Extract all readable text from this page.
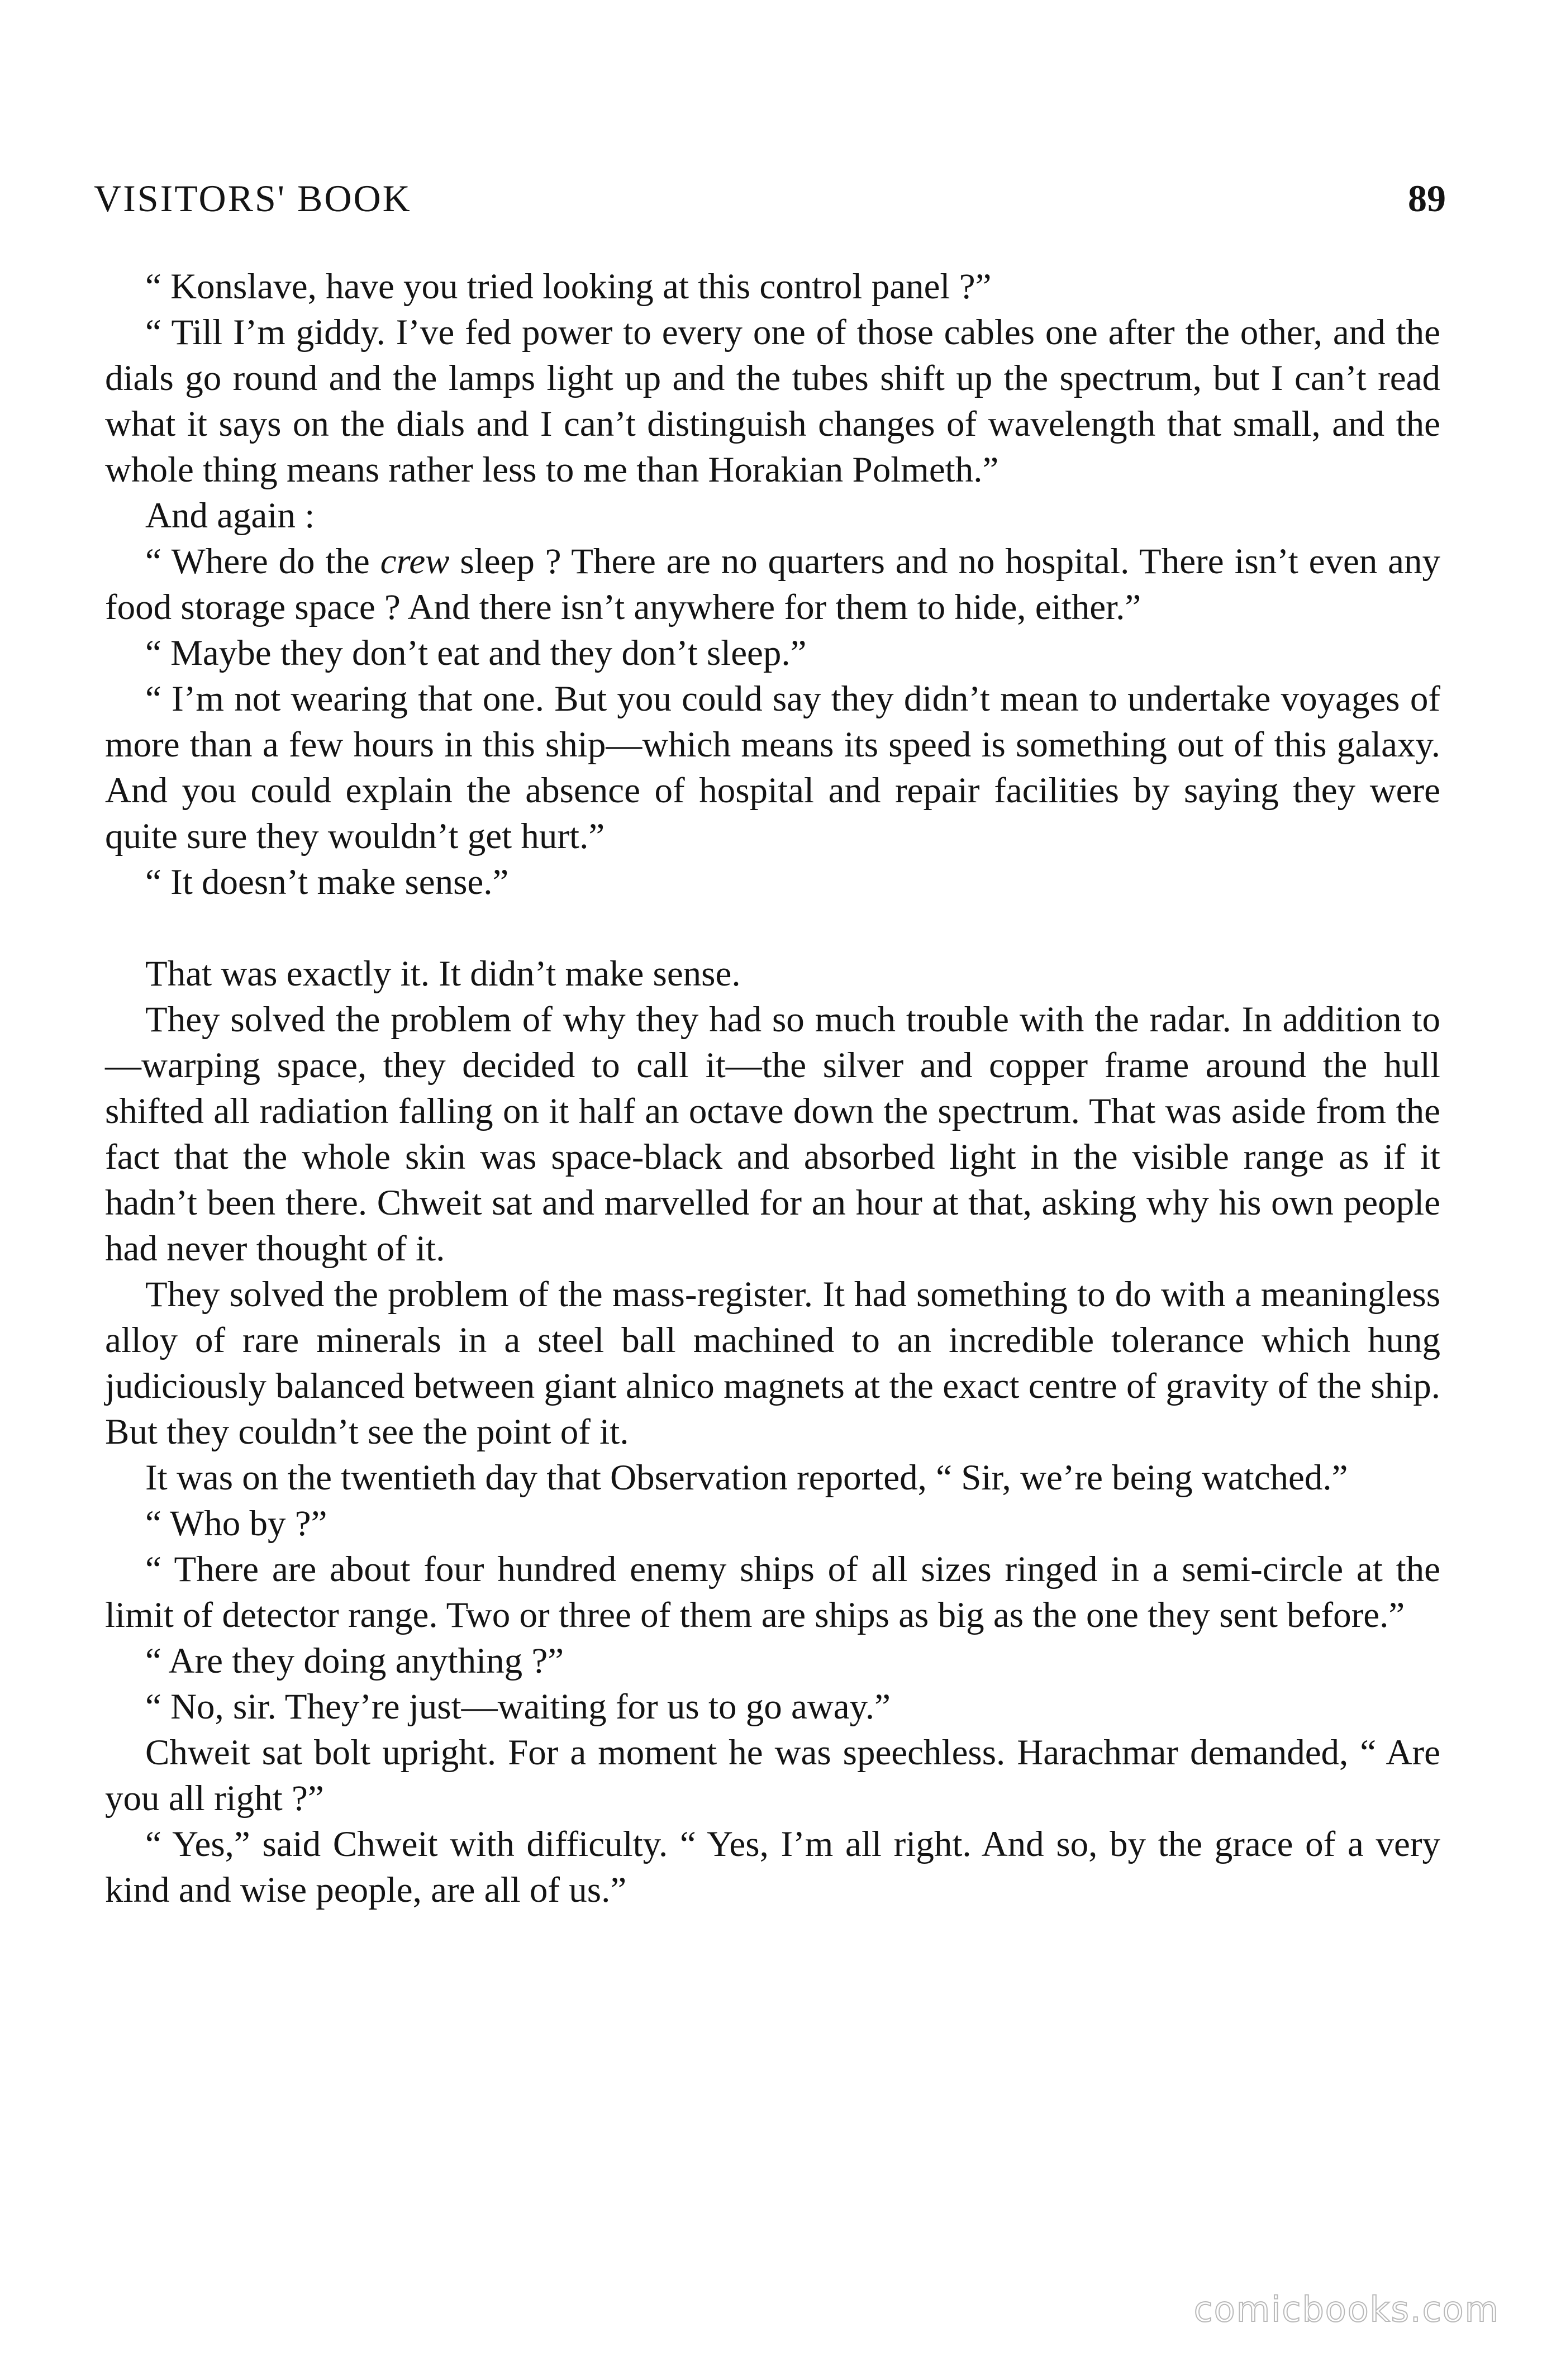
VISITORS' BOOK	89

“ Konslave, have you tried looking at this control panel ?”

“ Till I’m giddy. I’ve fed power to every one of those cables one after the other, and the dials go round and the lamps light up and the tubes shift up the spectrum, but I can’t read what it says on the dials and I can’t distinguish changes of wavelength that small, and the whole thing means rather less to me than Horakian Polmeth.”

And again :

“ Where do the crew sleep ? There are no quarters and no hospital. There isn’t even any food storage space ? And there isn’t anywhere for them to hide, either.”

“ Maybe they don’t eat and they don’t sleep.”

“ I’m not wearing that one. But you could say they didn’t mean to undertake voyages of more than a few hours in this ship—which means its speed is something out of this galaxy. And you could explain the absence of hospital and repair facilities by saying they were quite sure they wouldn’t get hurt.”

“ It doesn’t make sense.”

That was exactly it. It didn’t make sense.

They solved the problem of why they had so much trouble with the radar. In addition to—warping space, they decided to call it—the silver and copper frame around the hull shifted all radiation falling on it half an octave down the spectrum. That was aside from the fact that the whole skin was space-black and absorbed light in the visible range as if it hadn’t been there. Chweit sat and marvelled for an hour at that, asking why his own people had never thought of it.

They solved the problem of the mass-register. It had something to do with a meaningless alloy of rare minerals in a steel ball machined to an incredible tolerance which hung judiciously balanced between giant alnico magnets at the exact centre of gravity of the ship. But they couldn’t see the point of it.

It was on the twentieth day that Observation reported, “ Sir, we’re being watched.”

“ Who by ?”

“ There are about four hundred enemy ships of all sizes ringed in a semi-circle at the limit of detector range. Two or three of them are ships as big as the one they sent before.”

“ Are they doing anything ?”

“ No, sir. They’re just—waiting for us to go away.”

Chweit sat bolt upright. For a moment he was speechless. Harachmar demanded, “ Are you all right ?”

“ Yes,” said Chweit with difficulty. “ Yes, I’m all right. And so, by the grace of a very kind and wise people, are all of us.”

comicbooks.com
